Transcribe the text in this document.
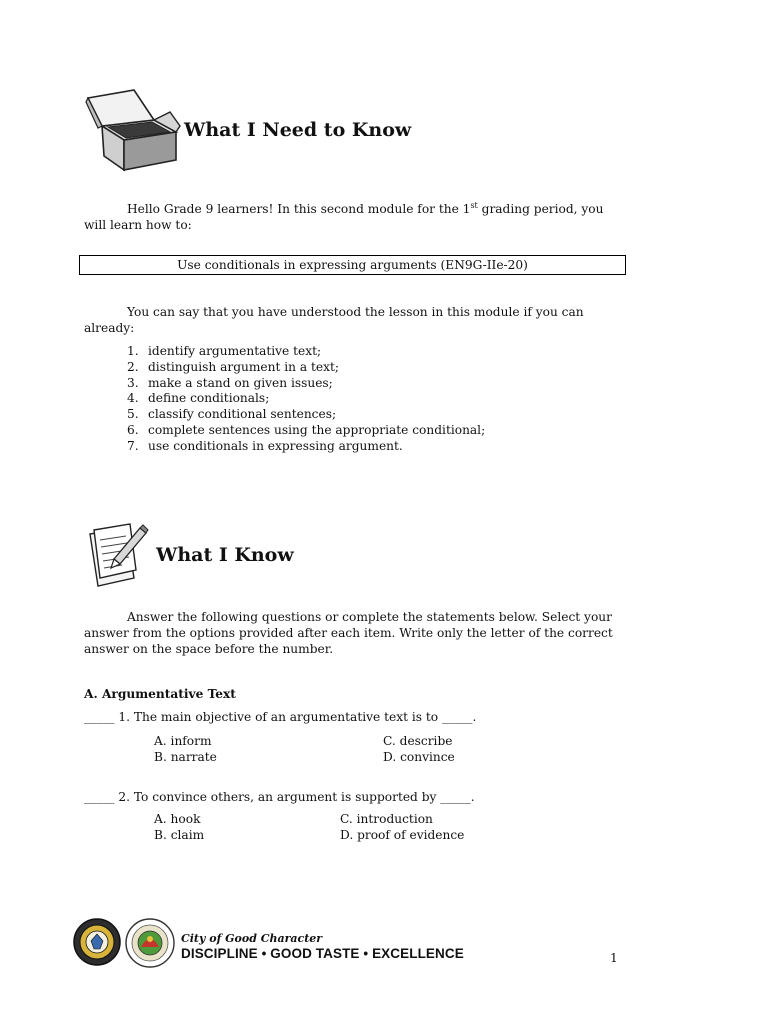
What I Need to Know
Hello Grade 9 learners! In this second module for the 1st grading period, you
will learn how to:
Use conditionals in expressing arguments (EN9G-IIe-20)
You can say that you have understood the lesson in this module if you can
already:
1. identify argumentative text;
2. distinguish argument in a text;
3. make a stand on given issues;
4. define conditionals;
5. classify conditional sentences;
6. complete sentences using the appropriate conditional;
7. use conditionals in expressing argument.
What I Know
Answer the following questions or complete the statements below. Select your
answer from the options provided after each item. Write only the letter of the correct
answer on the space before the number.
A. Argumentative Text
_____ 1. The main objective of an argumentative text is to _____.
A. inform
B. narrate
C. describe
D. convince
_____ 2. To convince others, an argument is supported by _____.
A. hook
B. claim
C. introduction
D. proof of evidence
City of Good Character
DISCIPLINE • GOOD TASTE • EXCELLENCE	1
